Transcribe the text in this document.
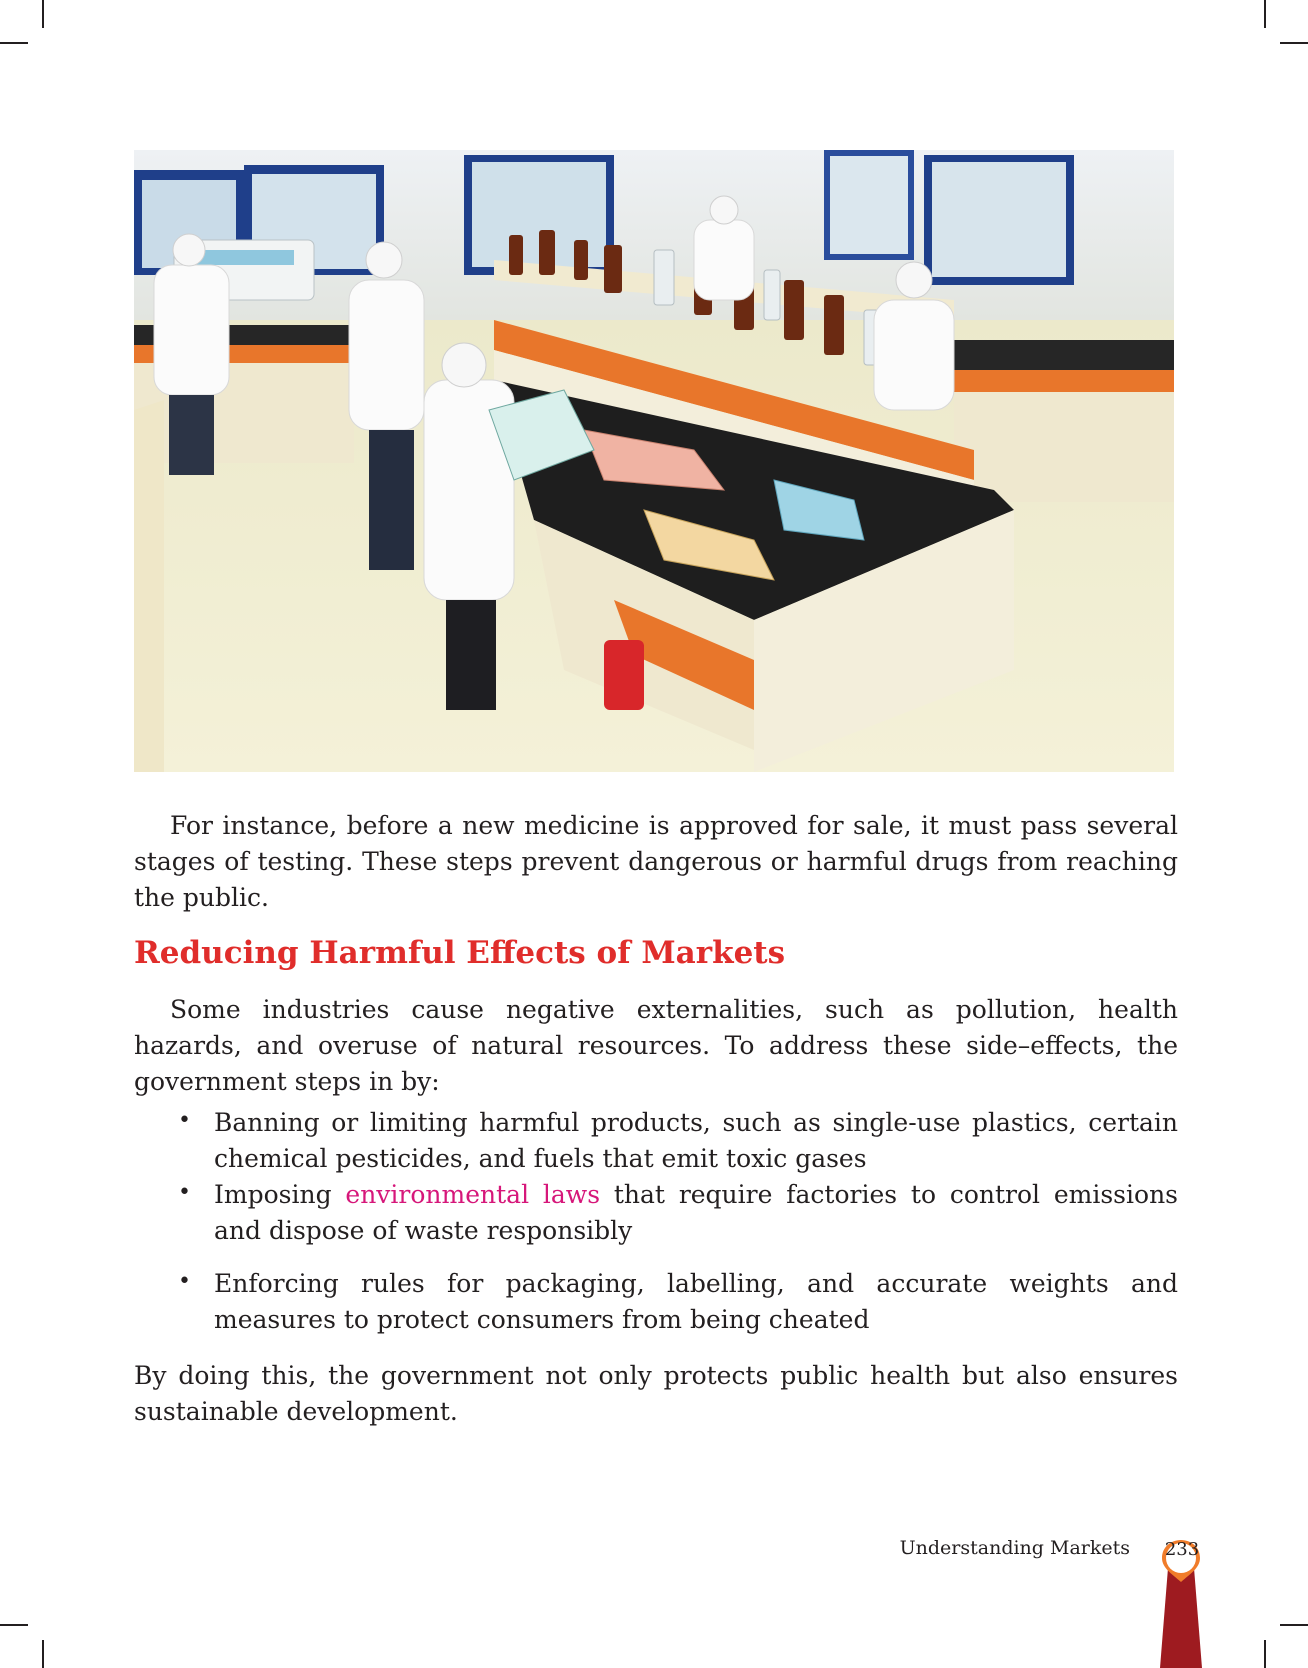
For instance, before a new medicine is approved for sale, it must pass several stages of testing. These steps prevent dangerous or harmful drugs from reaching the public.

Reducing Harmful Effects of Markets

Some industries cause negative externalities, such as pollution, health hazards, and overuse of natural resources. To address these side–effects, the government steps in by:

• Banning or limiting harmful products, such as single-use plastics, certain chemical pesticides, and fuels that emit toxic gases
• Imposing environmental laws that require factories to control emissions and dispose of waste responsibly
• Enforcing rules for packaging, labelling, and accurate weights and measures to protect consumers from being cheated

By doing this, the government not only protects public health but also ensures sustainable development.

Understanding Markets 233
